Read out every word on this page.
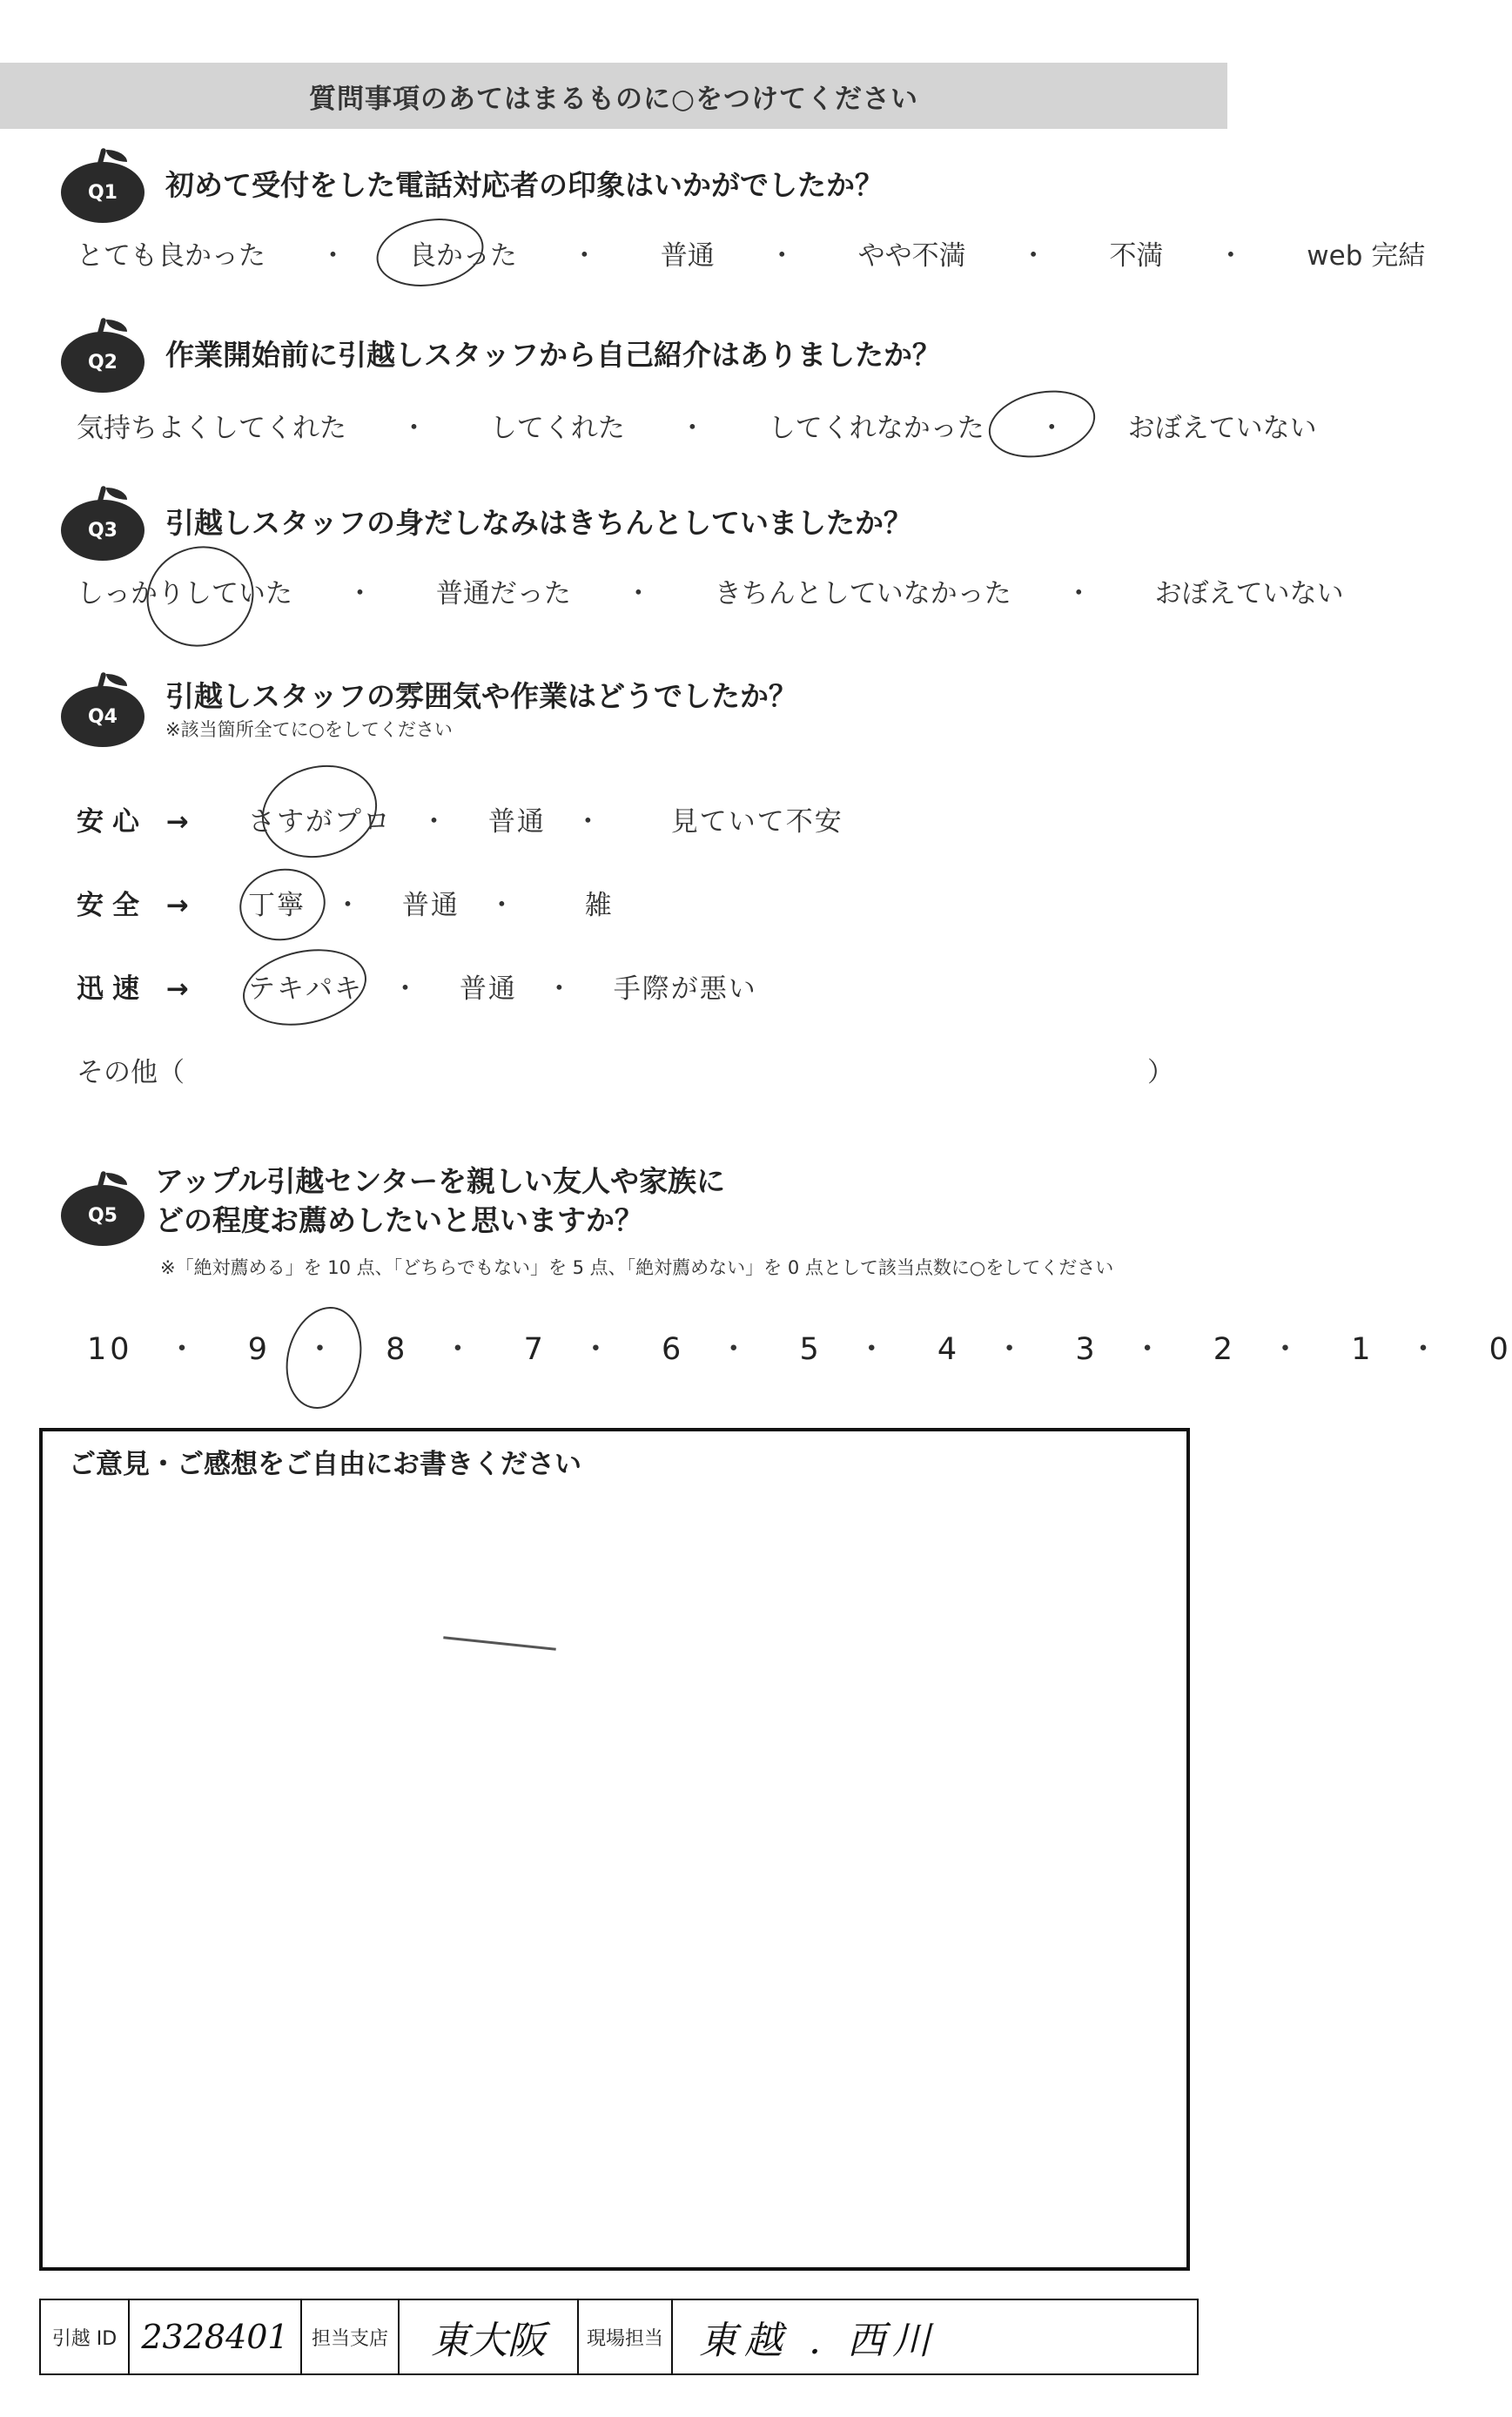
質問事項のあてはまるものに○をつけてください
Q1	初めて受付をした電話対応者の印象はいかがでしたか？
とても良かった　　・　　 良かった　　・　　 普通　　・　　 やや不満　　・　　 不満　　・　　 web 完結
Q2	作業開始前に引越しスタッフから自己紹介はありましたか？
気持ちよくしてくれた　　・　　 してくれた　　・　　 してくれなかった　　・　　 おぼえていない
Q3	引越しスタッフの身だしなみはきちんとしていましたか？
しっかりしていた　　・　　 普通だった　　・　　 きちんとしていなかった　　・　　 おぼえていない
Q4
引越しスタッフの雰囲気や作業はどうでしたか？
※該当箇所全てに○をしてください
安心 → さすがプロ　・　 普通　・　　 見ていて不安
安全 → 丁寧　・　 普通　・　　 雑
迅速 → テキパキ　・　 普通　・　 手際が悪い
その他（	）
Q5
アップル引越センターを親しい友人や家族に
どの程度お薦めしたいと思いますか？
※「絶対薦める」を 10 点、「どちらでもない」を 5 点、「絶対薦めない」を 0 点として該当点数に○をしてください
10　・　 9　・　 8　・　 7　・　 6　・　 5　・　 4　・　 3　・　 2　・　 1　・　 0
ご意見・ご感想をご自由にお書きください
引越 ID 2328401 担当支店 東大阪 現場担当 東越 . 西川
